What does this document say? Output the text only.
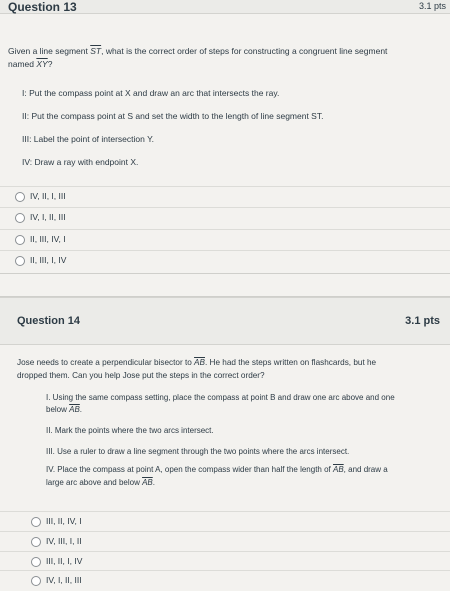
Question 13	3.1 pts
Given a line segment $\overline{ST}$, what is the correct order of steps for constructing a congruent line segment
named $\overline{XY}$?
I: Put the compass point at X and draw an arc that intersects the ray.
II: Put the compass point at S and set the width to the length of line segment ST.
III: Label the point of intersection Y.
IV: Draw a ray with endpoint X.
IV, II, I, III
IV, I, II, III
II, III, IV, I
II, III, I, IV
Question 14	3.1 pts
Jose needs to create a perpendicular bisector to $\overline{AB}$. He had the steps written on flashcards, but he
dropped them. Can you help Jose put the steps in the correct order?
I. Using the same compass setting, place the compass at point B and draw one arc above and one
below $\overline{AB}$.
II. Mark the points where the two arcs intersect.
III. Use a ruler to draw a line segment through the two points where the arcs intersect.
IV. Place the compass at point A, open the compass wider than half the length of $\overline{AB}$, and draw a
large arc above and below $\overline{AB}$.
III, II, IV, I
IV, III, I, II
III, II, I, IV
IV, I, II, III
